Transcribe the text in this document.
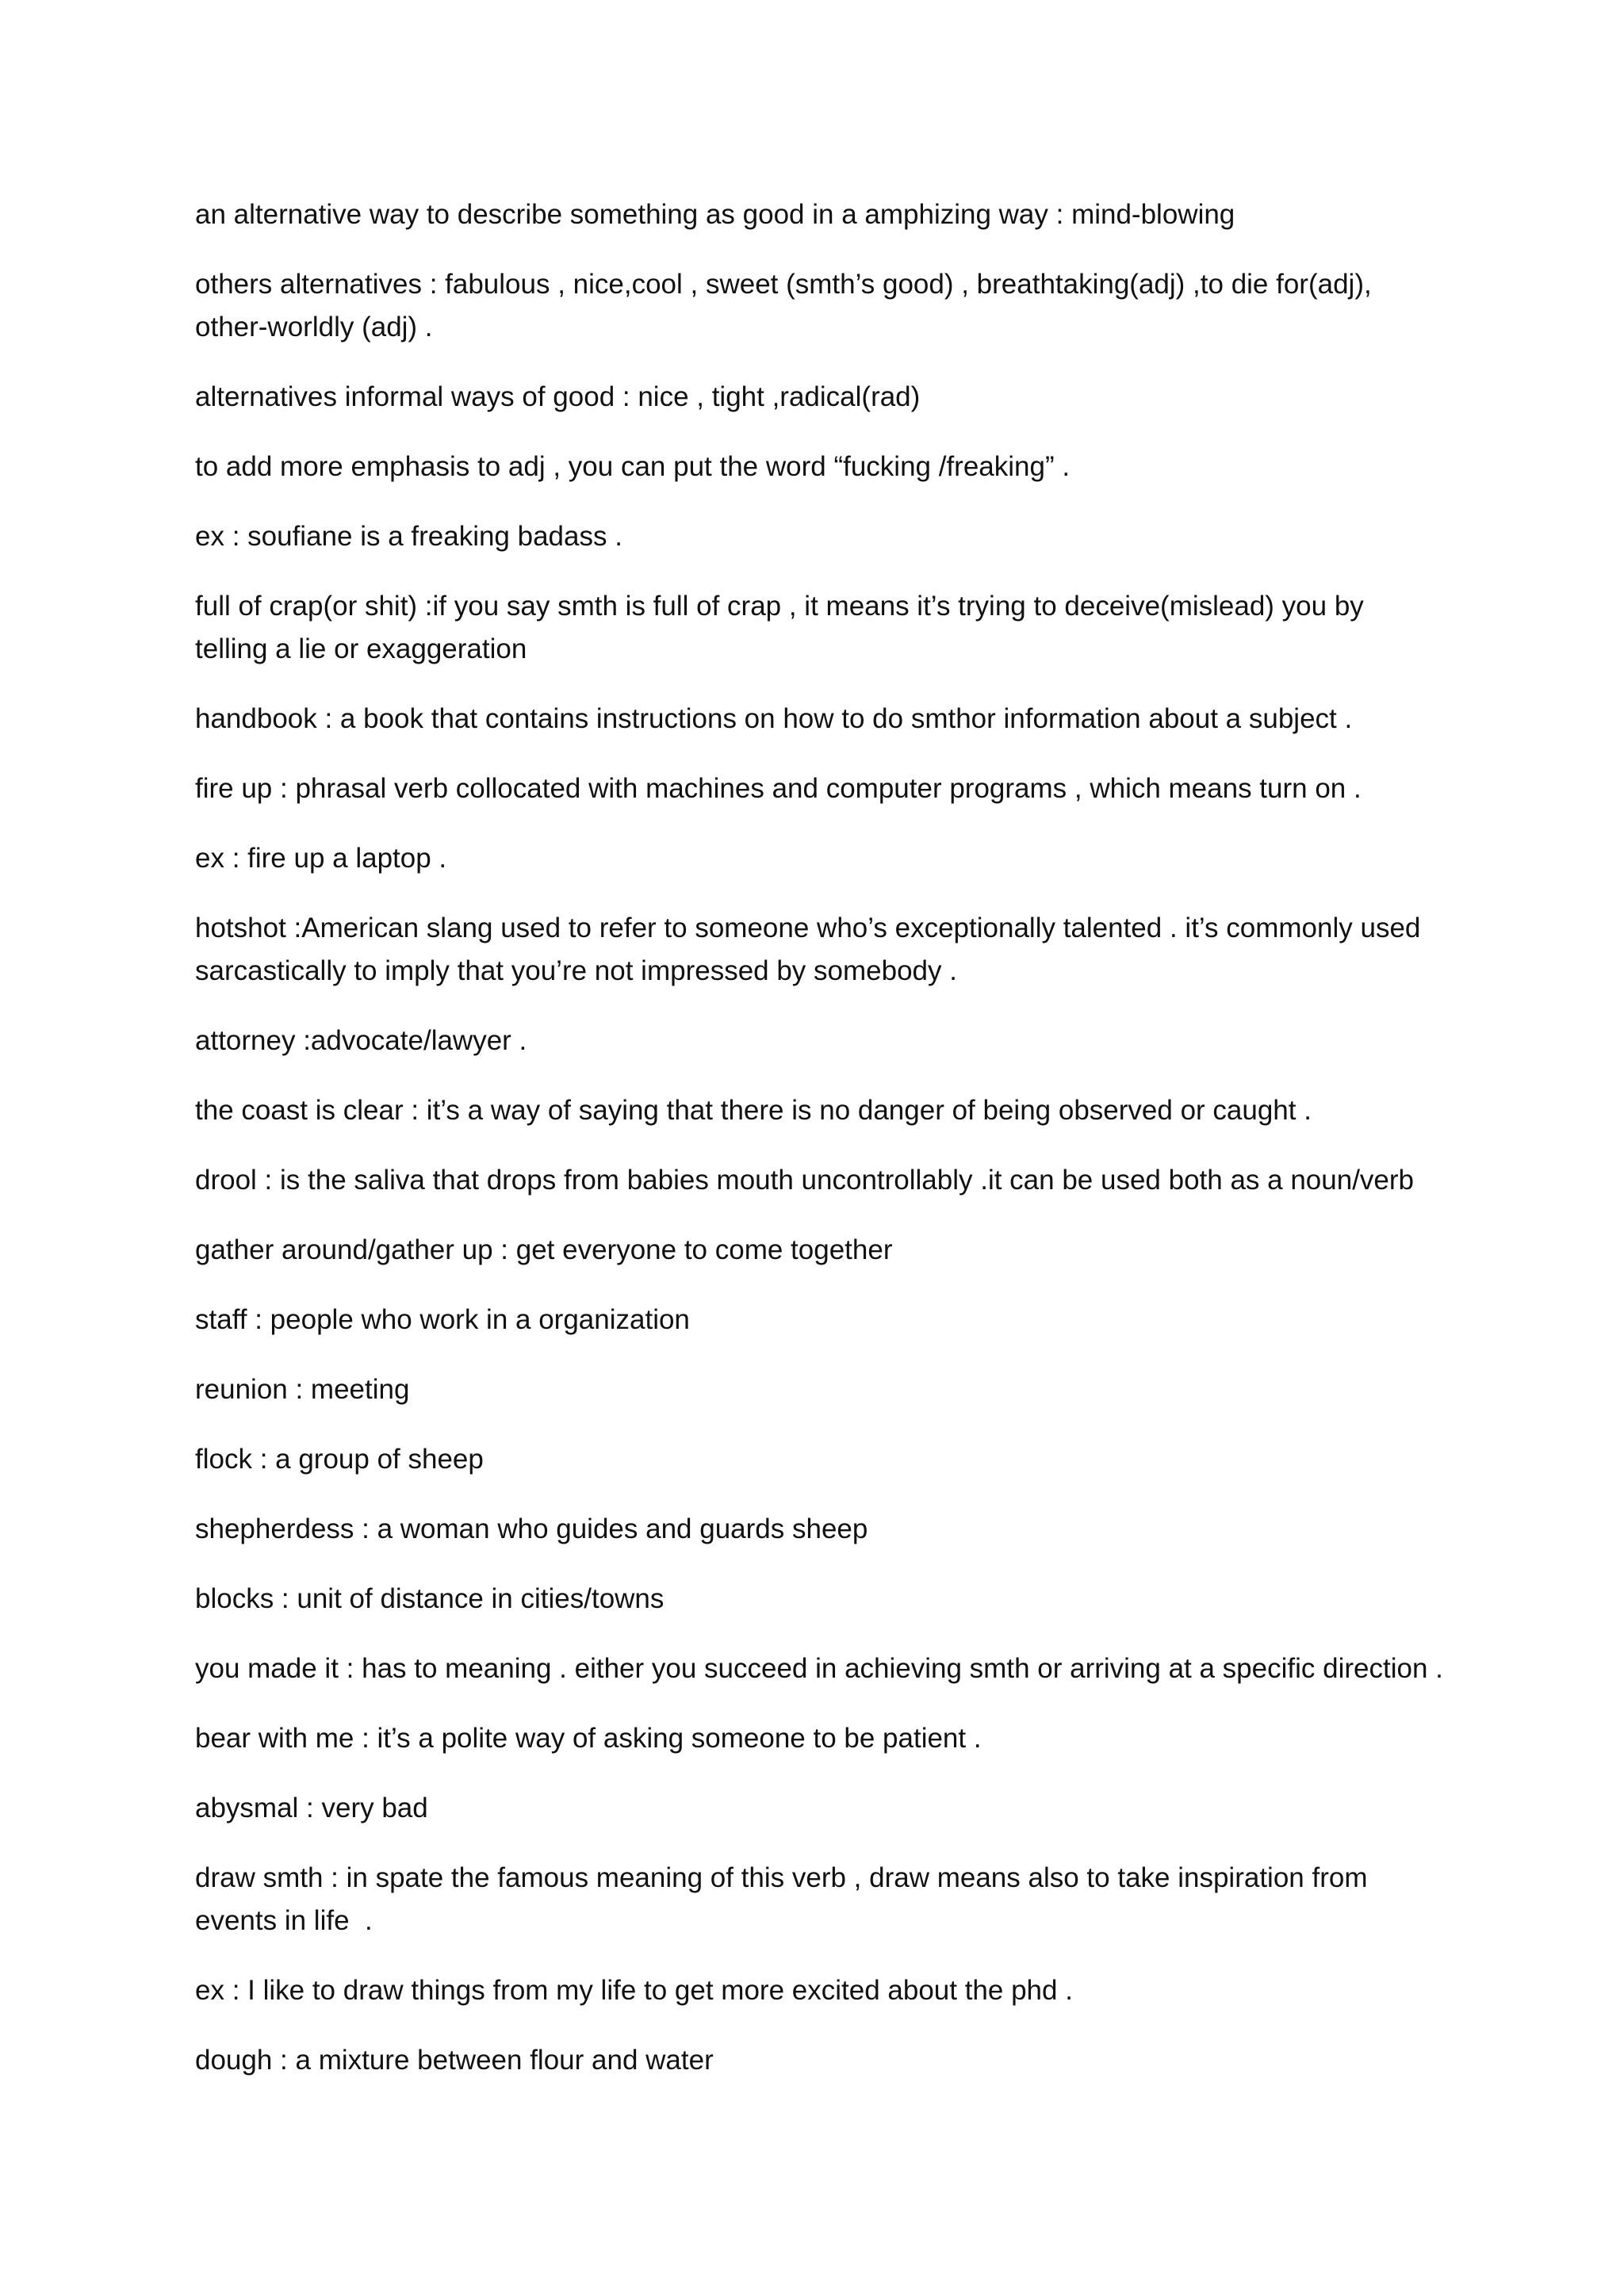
an alternative way to describe something as good in a amphizing way : mind-blowing

others alternatives : fabulous , nice,cool , sweet (smth’s good) , breathtaking(adj) ,to die for(adj),
other-worldly (adj) .

alternatives informal ways of good : nice , tight ,radical(rad)

to add more emphasis to adj , you can put the word “fucking /freaking” .

ex : soufiane is a freaking badass .

full of crap(or shit) :if you say smth is full of crap , it means it’s trying to deceive(mislead) you by
telling a lie or exaggeration

handbook : a book that contains instructions on how to do smthor information about a subject .

fire up : phrasal verb collocated with machines and computer programs , which means turn on .

ex : fire up a laptop .

hotshot :American slang used to refer to someone who’s exceptionally talented . it’s commonly used
sarcastically to imply that you’re not impressed by somebody .

attorney :advocate/lawyer .

the coast is clear : it’s a way of saying that there is no danger of being observed or caught .

drool : is the saliva that drops from babies mouth uncontrollably .it can be used both as a noun/verb

gather around/gather up : get everyone to come together

staff : people who work in a organization

reunion : meeting

flock : a group of sheep

shepherdess : a woman who guides and guards sheep

blocks : unit of distance in cities/towns

you made it : has to meaning . either you succeed in achieving smth or arriving at a specific direction .

bear with me : it’s a polite way of asking someone to be patient .

abysmal : very bad

draw smth : in spate the famous meaning of this verb , draw means also to take inspiration from
events in life  .

ex : I like to draw things from my life to get more excited about the phd .

dough : a mixture between flour and water
